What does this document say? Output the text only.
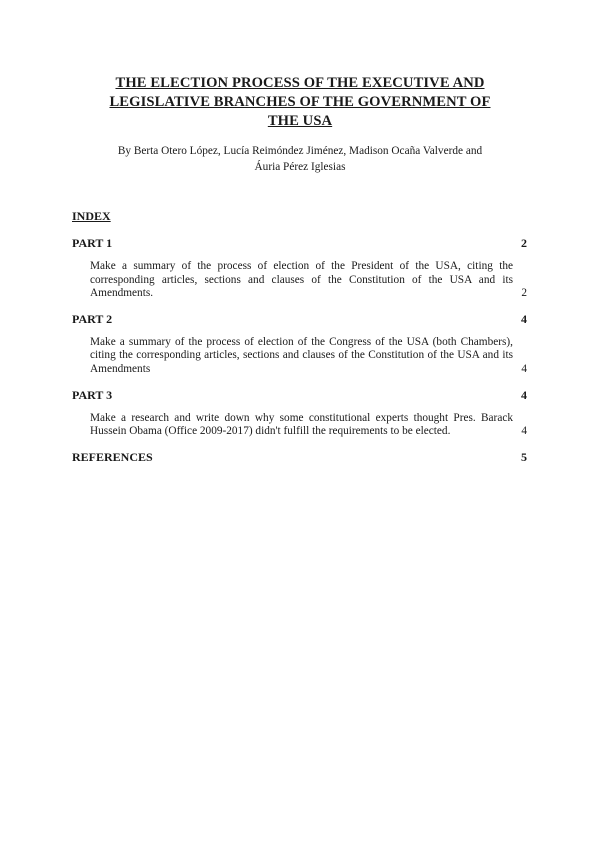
THE ELECTION PROCESS OF THE EXECUTIVE AND
LEGISLATIVE BRANCHES OF THE GOVERNMENT OF
THE USA
By Berta Otero López, Lucía Reimóndez Jiménez, Madison Ocaña Valverde and
Áuria Pérez Iglesias
INDEX
PART 1	2
Make a summary of the process of election of the President of the USA, citing the corresponding articles, sections and clauses of the Constitution of the USA and its Amendments.	2
PART 2	4
Make a summary of the process of election of the Congress of the USA (both Chambers), citing the corresponding articles, sections and clauses of the Constitution of the USA and its Amendments	4
PART 3	4
Make a research and write down why some constitutional experts thought Pres. Barack Hussein Obama (Office 2009-2017) didn't fulfill the requirements to be elected.	4
REFERENCES	5
